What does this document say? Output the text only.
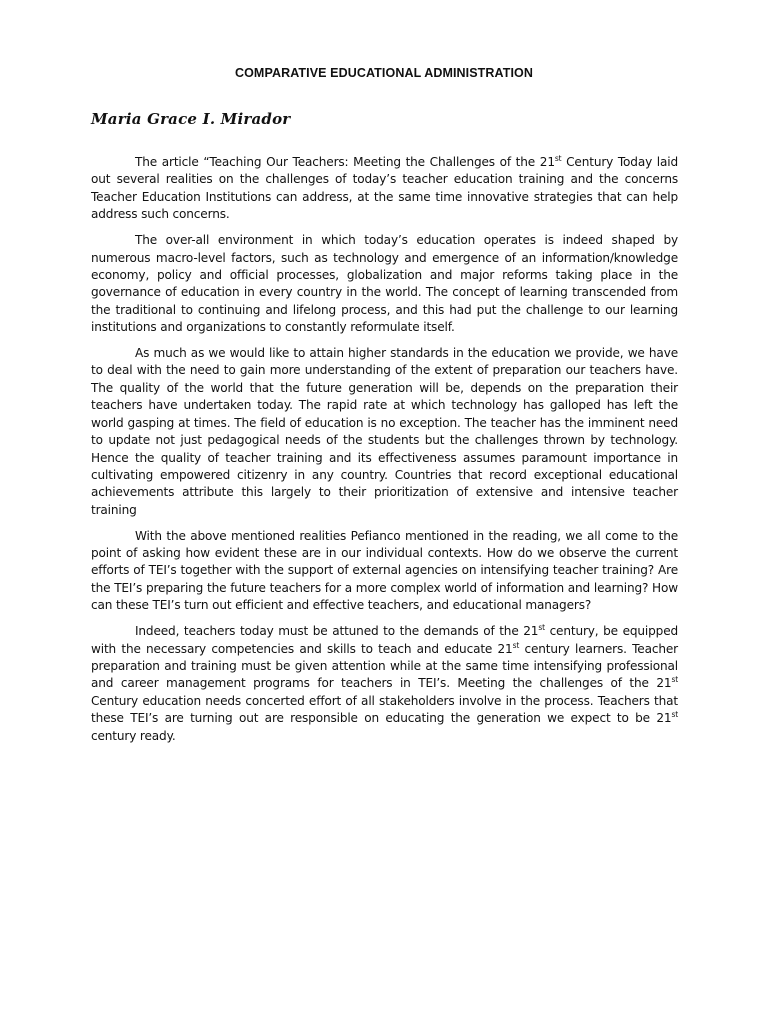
COMPARATIVE EDUCATIONAL ADMINISTRATION
Maria Grace I. Mirador

The article “Teaching Our Teachers: Meeting the Challenges of the 21st Century Today laid out several realities on the challenges of today’s teacher education training and the concerns Teacher Education Institutions can address, at the same time innovative strategies that can help address such concerns.

The over-all environment in which today’s education operates is indeed shaped by numerous macro-level factors, such as technology and emergence of an information/knowledge economy, policy and official processes, globalization and major reforms taking place in the governance of education in every country in the world. The concept of learning transcended from the traditional to continuing and lifelong process, and this had put the challenge to our learning institutions and organizations to constantly reformulate itself.

As much as we would like to attain higher standards in the education we provide, we have to deal with the need to gain more understanding of the extent of preparation our teachers have. The quality of the world that the future generation will be, depends on the preparation their teachers have undertaken today. The rapid rate at which technology has galloped has left the world gasping at times. The field of education is no exception. The teacher has the imminent need to update not just pedagogical needs of the students but the challenges thrown by technology. Hence the quality of teacher training and its effectiveness assumes paramount importance in cultivating empowered citizenry in any country. Countries that record exceptional educational achievements attribute this largely to their prioritization of extensive and intensive teacher training

With the above mentioned realities Pefianco mentioned in the reading, we all come to the point of asking how evident these are in our individual contexts. How do we observe the current efforts of TEI’s together with the support of external agencies on intensifying teacher training? Are the TEI’s preparing the future teachers for a more complex world of information and learning? How can these TEI’s turn out efficient and effective teachers, and educational managers?

Indeed, teachers today must be attuned to the demands of the 21st century, be equipped with the necessary competencies and skills to teach and educate 21st century learners. Teacher preparation and training must be given attention while at the same time intensifying professional and career management programs for teachers in TEI’s. Meeting the challenges of the 21st Century education needs concerted effort of all stakeholders involve in the process. Teachers that these TEI’s are turning out are responsible on educating the generation we expect to be 21st century ready.
